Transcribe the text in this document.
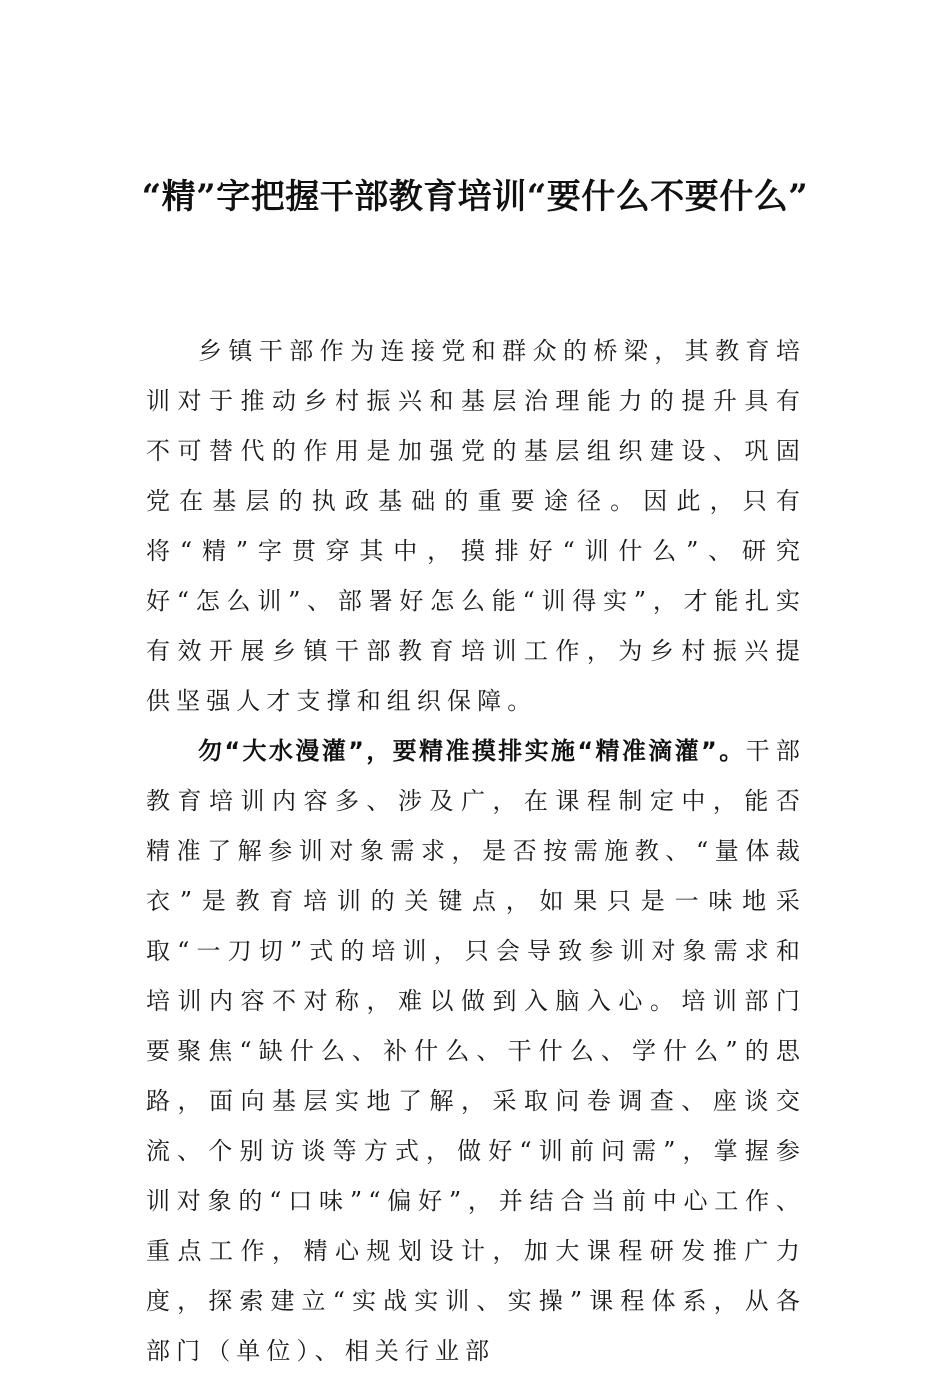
“精”字把握干部教育培训“要什么不要什么”

乡镇干部作为连接党和群众的桥梁，其教育培训对于推动乡村振兴和基层治理能力的提升具有不可替代的作用是加强党的基层组织建设、巩固党在基层的执政基础的重要途径。因此，只有将“精”字贯穿其中，摸排好“训什么”、研究好“怎么训”、部署好怎么能“训得实”，才能扎实有效开展乡镇干部教育培训工作，为乡村振兴提供坚强人才支撑和组织保障。

勿“大水漫灌”，要精准摸排实施“精准滴灌”。干部教育培训内容多、涉及广，在课程制定中，能否精准了解参训对象需求，是否按需施教、“量体裁衣”是教育培训的关键点，如果只是一味地采取“一刀切”式的培训，只会导致参训对象需求和培训内容不对称，难以做到入脑入心。培训部门要聚焦“缺什么、补什么、干什么、学什么”的思路，面向基层实地了解，采取问卷调查、座谈交流、个别访谈等方式，做好“训前问需”，掌握参训对象的“口味”“偏好”，并结合当前中心工作、重点工作，精心规划设计，加大课程研发推广力度，探索建立“实战实训、实操”课程体系，从各部门（单位）、相关行业部
